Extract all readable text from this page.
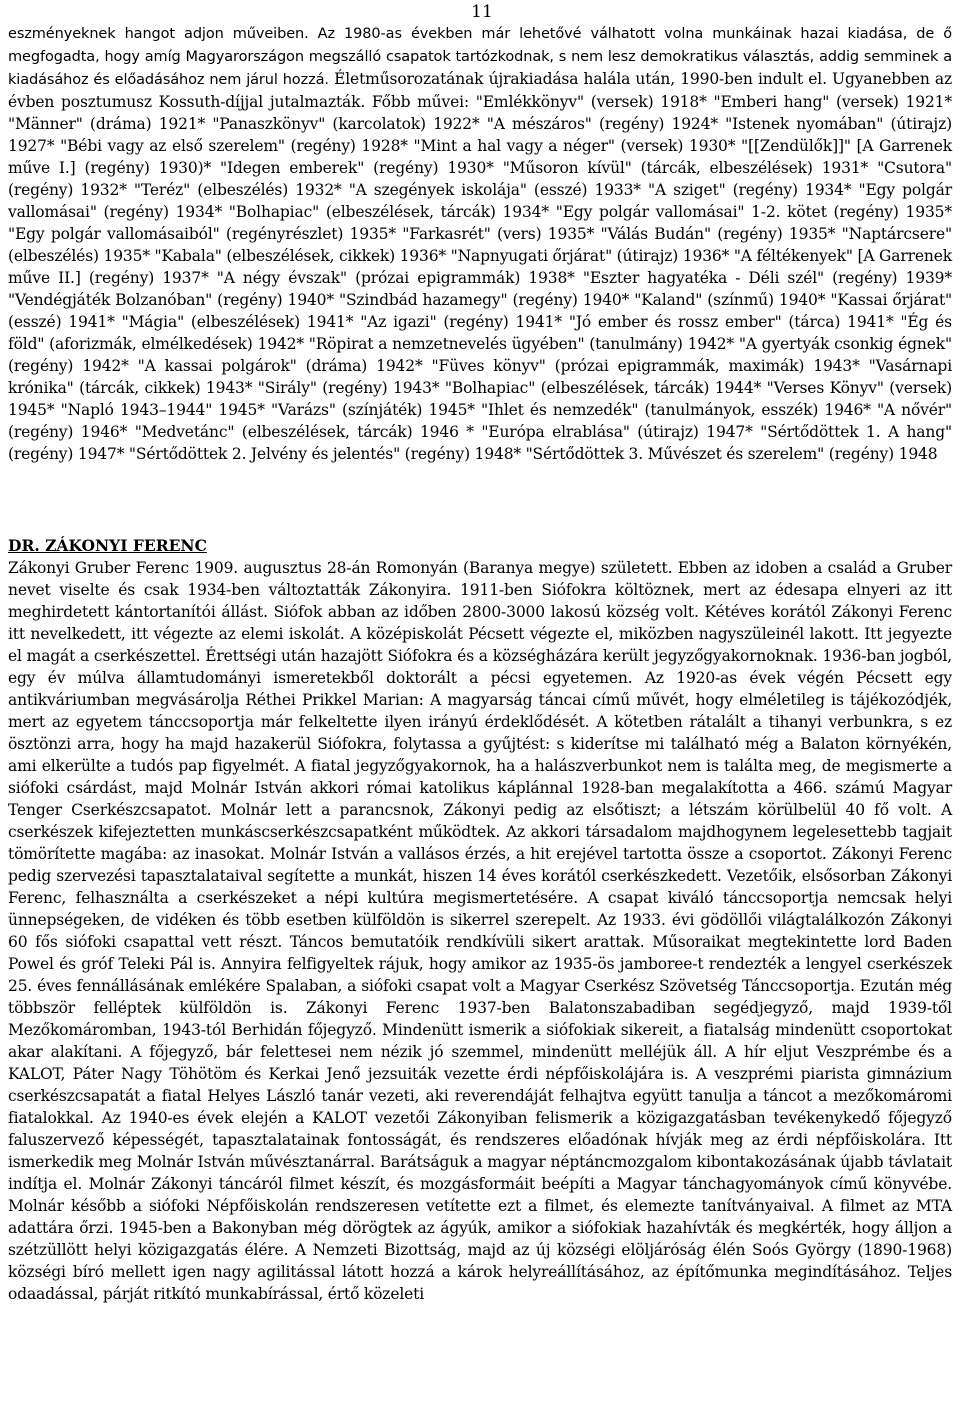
11

eszményeknek hangot adjon műveiben. Az 1980-as években már lehetővé válhatott volna munkáinak hazai kiadása, de ő megfogadta, hogy amíg Magyarországon megszálló csapatok tartózkodnak, s nem lesz demokratikus választás, addig semminek a kiadásához és előadásához nem járul hozzá. Életműsorozatának újrakiadása halála után, 1990-ben indult el. Ugyanebben az évben posztumusz Kossuth-díjjal jutalmazták. Főbb művei: "Emlékkönyv" (versek) 1918* "Emberi hang" (versek) 1921* "Männer" (dráma) 1921* "Panaszkönyv" (karcolatok) 1922* "A mészáros" (regény) 1924* "Istenek nyomában" (útirajz) 1927* "Bébi vagy az első szerelem" (regény) 1928* "Mint a hal vagy a néger" (versek) 1930* "[[Zendülők]]" [A Garrenek műve I.] (regény) 1930)* "Idegen emberek" (regény) 1930* "Műsoron kívül" (tárcák, elbeszélések) 1931* "Csutora" (regény) 1932* "Teréz" (elbeszélés) 1932* "A szegények iskolája" (esszé) 1933* "A sziget" (regény) 1934* "Egy polgár vallomásai" (regény) 1934* "Bolhapiac" (elbeszélések, tárcák) 1934* "Egy polgár vallomásai" 1-2. kötet (regény) 1935* "Egy polgár vallomásaiból" (regényrészlet) 1935* "Farkasrét" (vers) 1935* "Válás Budán" (regény) 1935* "Naptárcsere" (elbeszélés) 1935* "Kabala" (elbeszélések, cikkek) 1936* "Napnyugati őrjárat" (útirajz) 1936* "A féltékenyek" [A Garrenek műve II.] (regény) 1937* "A négy évszak" (prózai epigrammák) 1938* "Eszter hagyatéka - Déli szél" (regény) 1939* "Vendégjáték Bolzanóban" (regény) 1940* "Szindbád hazamegy" (regény) 1940* "Kaland" (színmű) 1940* "Kassai őrjárat" (esszé) 1941* "Mágia" (elbeszélések) 1941* "Az igazi" (regény) 1941* "Jó ember és rossz ember" (tárca) 1941* "Ég és föld" (aforizmák, elmélkedések) 1942* "Röpirat a nemzetnevelés ügyében" (tanulmány) 1942* "A gyertyák csonkig égnek" (regény) 1942* "A kassai polgárok" (dráma) 1942* "Füves könyv" (prózai epigrammák, maximák) 1943* "Vasárnapi krónika" (tárcák, cikkek) 1943* "Sirály" (regény) 1943* "Bolhapiac" (elbeszélések, tárcák) 1944* "Verses Könyv" (versek) 1945* "Napló 1943–1944" 1945* "Varázs" (színjáték) 1945* "Ihlet és nemzedék" (tanulmányok, esszék) 1946* "A nővér" (regény) 1946* "Medvetánc" (elbeszélések, tárcák) 1946 * "Európa elrablása" (útirajz) 1947* "Sértődöttek 1. A hang" (regény) 1947* "Sértődöttek 2. Jelvény és jelentés" (regény) 1948* "Sértődöttek 3. Művészet és szerelem" (regény) 1948

DR. ZÁKONYI FERENC

Zákonyi Gruber Ferenc 1909. augusztus 28-án Romonyán (Baranya megye) született. Ebben az idoben a család a Gruber nevet viselte és csak 1934-ben változtatták Zákonyira. 1911-ben Siófokra költöznek, mert az édesapa elnyeri az itt meghirdetett kántortanítói állást. Siófok abban az időben 2800-3000 lakosú község volt. Kétéves korától Zákonyi Ferenc itt nevelkedett, itt végezte az elemi iskolát. A középiskolát Pécsett végezte el, miközben nagyszüleinél lakott. Itt jegyezte el magát a cserkészettel. Érettségi után hazajött Siófokra és a községházára került jegyzőgyakornoknak. 1936-ban jogból, egy év múlva államtudományi ismeretekből doktorált a pécsi egyetemen. Az 1920-as évek végén Pécsett egy antikváriumban megvásárolja Réthei Prikkel Marian: A magyarság táncai című művét, hogy elméletileg is tájékozódjék, mert az egyetem tánccsoportja már felkeltette ilyen irányú érdeklődését. A kötetben rátalált a tihanyi verbunkra, s ez ösztönzi arra, hogy ha majd hazakerül Siófokra, folytassa a gyűjtést: s kiderítse mi található még a Balaton környékén, ami elkerülte a tudós pap figyelmét. A fiatal jegyzőgyakornok, ha a halászverbunkot nem is találta meg, de megismerte a siófoki csárdást, majd Molnár István akkori római katolikus káplánnal 1928-ban megalakította a 466. számú Magyar Tenger Cserkészcsapatot. Molnár lett a parancsnok, Zákonyi pedig az elsőtiszt; a létszám körülbelül 40 fő volt. A cserkészek kifejeztetten munkáscserkészcsapatként működtek. Az akkori társadalom majdhogynem legelesettebb tagjait tömörítette magába: az inasokat. Molnár István a vallásos érzés, a hit erejével tartotta össze a csoportot. Zákonyi Ferenc pedig szervezési tapasztalataival segítette a munkát, hiszen 14 éves korától cserkészkedett. Vezetőik, elsősorban Zákonyi Ferenc, felhasználta a cserkészeket a népi kultúra megismertetésére. A csapat kiváló tánccsoportja nemcsak helyi ünnepségeken, de vidéken és több esetben külföldön is sikerrel szerepelt. Az 1933. évi gödöllői világtalálkozón Zákonyi 60 fős siófoki csapattal vett részt. Táncos bemutatóik rendkívüli sikert arattak. Műsoraikat megtekintette lord Baden Powel és gróf Teleki Pál is. Annyira felfigyeltek rájuk, hogy amikor az 1935-ös jamboree-t rendezték a lengyel cserkészek 25. éves fennállásának emlékére Spalaban, a siófoki csapat volt a Magyar Cserkész Szövetség Tánccsoportja. Ezután még többször felléptek külföldön is. Zákonyi Ferenc 1937-ben Balatonszabadiban segédjegyző, majd 1939-től Mezőkomáromban, 1943-tól Berhidán főjegyző. Mindenütt ismerik a siófokiak sikereit, a fiatalság mindenütt csoportokat akar alakítani. A főjegyző, bár felettesei nem nézik jó szemmel, mindenütt melléjük áll. A hír eljut Veszprémbe és a KALOT, Páter Nagy Töhötöm és Kerkai Jenő jezsuiták vezette érdi népfőiskolájára is. A veszprémi piarista gimnázium cserkészcsapatát a fiatal Helyes László tanár vezeti, aki reverendáját felhajtva együtt tanulja a táncot a mezőkomáromi fiatalokkal. Az 1940-es évek elején a KALOT vezetői Zákonyiban felismerik a közigazgatásban tevékenykedő főjegyző faluszervező képességét, tapasztalatainak fontosságát, és rendszeres előadónak hívják meg az érdi népfőiskolára. Itt ismerkedik meg Molnár István művésztanárral. Barátságuk a magyar néptáncmozgalom kibontakozásának újabb távlatait indítja el. Molnár Zákonyi táncáról filmet készít, és mozgásformáit beépíti a Magyar tánchagyományok című könyvébe. Molnár később a siófoki Népfőiskolán rendszeresen vetítette ezt a filmet, és elemezte tanítványaival. A filmet az MTA adattára őrzi. 1945-ben a Bakonyban még dörögtek az ágyúk, amikor a siófokiak hazahívták és megkérték, hogy álljon a szétzüllött helyi közigazgatás élére. A Nemzeti Bizottság, majd az új községi elöljáróság élén Soós György (1890-1968) községi bíró mellett igen nagy agilitással látott hozzá a károk helyreállításához, az építőmunka megindításához. Teljes odaadással, párját ritkító munkabírással, értő közeleti
